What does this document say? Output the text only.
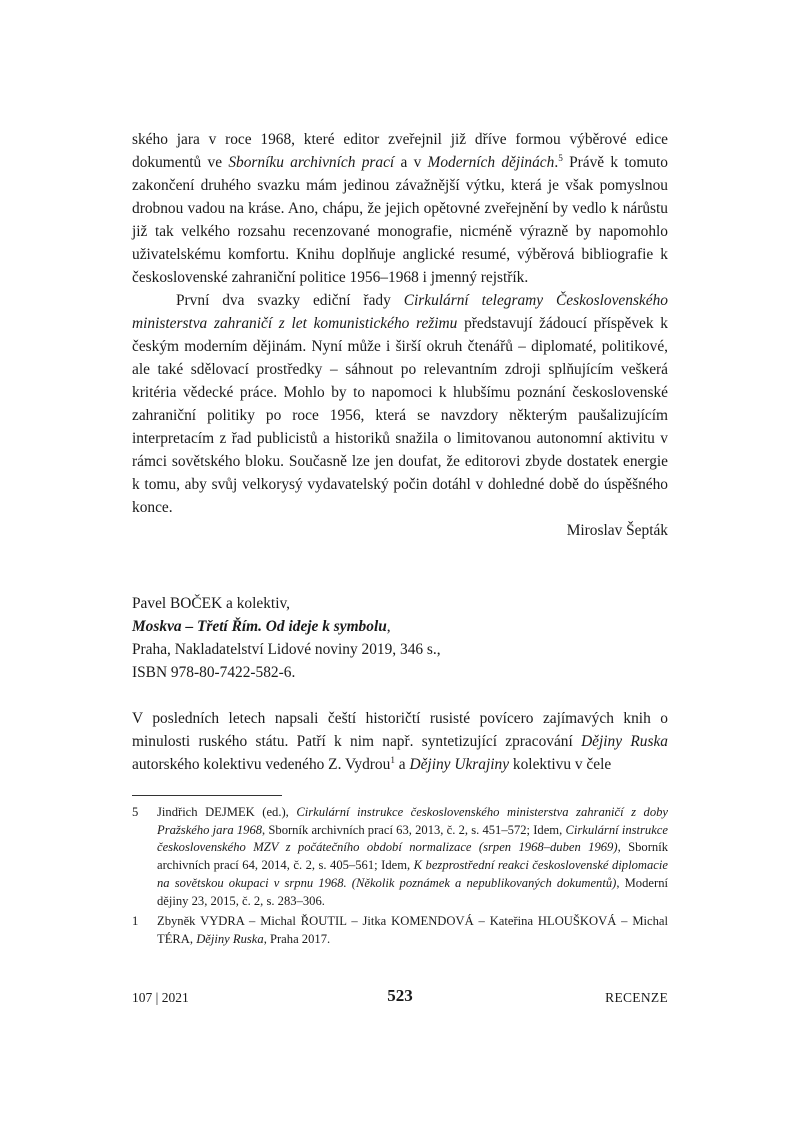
ského jara v roce 1968, které editor zveřejnil již dříve formou výběrové edice dokumentů ve Sborníku archivních prací a v Moderních dějinách.$^5$ Právě k tomuto zakončení druhého svazku mám jedinou závažnější výtku, která je však pomyslnou drobnou vadou na kráse. Ano, chápu, že jejich opětovné zveřejnění by vedlo k nárůstu již tak velkého rozsahu recenzované monografie, nicméně výrazně by napomohlo uživatelskému komfortu. Knihu doplňuje anglické resumé, výběrová bibliografie k československé zahraniční politice 1956–1968 i jmenný rejstřík.

První dva svazky ediční řady Cirkulární telegramy Československého ministerstva zahraničí z let komunistického režimu představují žádoucí příspěvek k českým moderním dějinám. Nyní může i širší okruh čtenářů – diplomaté, politikové, ale také sdělovací prostředky – sáhnout po relevantním zdroji splňujícím veškerá kritéria vědecké práce. Mohlo by to napomoci k hlubšímu poznání československé zahraniční politiky po roce 1956, která se navzdory některým paušalizujícím interpretacím z řad publicistů a historiků snažila o limitovanou autonomní aktivitu v rámci sovětského bloku. Současně lze jen doufat, že editorovi zbyde dostatek energie k tomu, aby svůj velkorysý vydavatelský počin dotáhl v dohledné době do úspěšného konce.

Miroslav Šepták

Pavel BOČEK a kolektiv,
Moskva – Třetí Řím. Od ideje k symbolu,
Praha, Nakladatelství Lidové noviny 2019, 346 s.,
ISBN 978-80-7422-582-6.

V posledních letech napsali čeští historičtí rusisté povícero zajímavých knih o minulosti ruského státu. Patří k nim např. syntetizující zpracování Dějiny Ruska autorského kolektivu vedeného Z. Vydrou$^1$ a Dějiny Ukrajiny kolektivu v čele

5	Jindřich DEJMEK (ed.), Cirkulární instrukce československého ministerstva zahraničí z doby Pražského jara 1968, Sborník archivních prací 63, 2013, č. 2, s. 451–572; Idem, Cirkulární instrukce československého MZV z počátečního období normalizace (srpen 1968–duben 1969), Sborník archivních prací 64, 2014, č. 2, s. 405–561; Idem, K bezprostřední reakci československé diplomacie na sovětskou okupaci v srpnu 1968. (Několik poznámek a nepublikovaných dokumentů), Moderní dějiny 23, 2015, č. 2, s. 283–306.
1	Zbyněk VYDRA – Michal ŘOUTIL – Jitka KOMENDOVÁ – Kateřina HLOUŠKOVÁ – Michal TÉRA, Dějiny Ruska, Praha 2017.
107 | 2021	523	RECENZE
